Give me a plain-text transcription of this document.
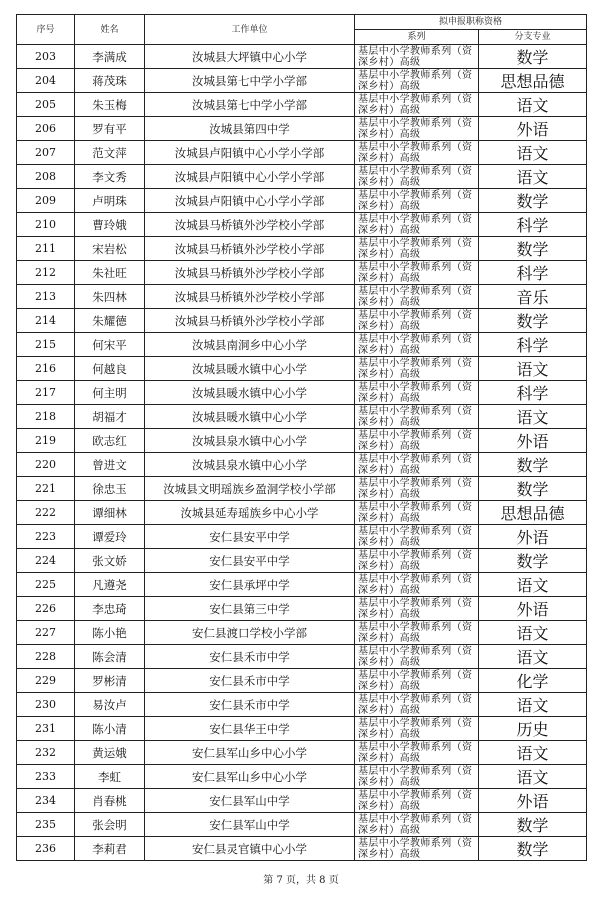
序号	姓名	工作单位	拟申报职称资格	
			系列	分支专业
203	李满成	汝城县大坪镇中心小学	基层中小学教师系列（资深乡村）高级	数学
204	蒋茂珠	汝城县第七中学小学部	基层中小学教师系列（资深乡村）高级	思想品德
205	朱玉梅	汝城县第七中学小学部	基层中小学教师系列（资深乡村）高级	语文
206	罗有平	汝城县第四中学	基层中小学教师系列（资深乡村）高级	外语
207	范文萍	汝城县卢阳镇中心小学小学部	基层中小学教师系列（资深乡村）高级	语文
208	李文秀	汝城县卢阳镇中心小学小学部	基层中小学教师系列（资深乡村）高级	语文
209	卢明珠	汝城县卢阳镇中心小学小学部	基层中小学教师系列（资深乡村）高级	数学
210	曹玲娥	汝城县马桥镇外沙学校小学部	基层中小学教师系列（资深乡村）高级	科学
211	宋岩松	汝城县马桥镇外沙学校小学部	基层中小学教师系列（资深乡村）高级	数学
212	朱社旺	汝城县马桥镇外沙学校小学部	基层中小学教师系列（资深乡村）高级	科学
213	朱四林	汝城县马桥镇外沙学校小学部	基层中小学教师系列（资深乡村）高级	音乐
214	朱耀德	汝城县马桥镇外沙学校小学部	基层中小学教师系列（资深乡村）高级	数学
215	何宋平	汝城县南洞乡中心小学	基层中小学教师系列（资深乡村）高级	科学
216	何越良	汝城县暖水镇中心小学	基层中小学教师系列（资深乡村）高级	语文
217	何主明	汝城县暖水镇中心小学	基层中小学教师系列（资深乡村）高级	科学
218	胡福才	汝城县暖水镇中心小学	基层中小学教师系列（资深乡村）高级	语文
219	欧志红	汝城县泉水镇中心小学	基层中小学教师系列（资深乡村）高级	外语
220	曾进文	汝城县泉水镇中心小学	基层中小学教师系列（资深乡村）高级	数学
221	徐忠玉	汝城县文明瑶族乡盈洞学校小学部	基层中小学教师系列（资深乡村）高级	数学
222	谭细林	汝城县延寿瑶族乡中心小学	基层中小学教师系列（资深乡村）高级	思想品德
223	谭爱玲	安仁县安平中学	基层中小学教师系列（资深乡村）高级	外语
224	张文娇	安仁县安平中学	基层中小学教师系列（资深乡村）高级	数学
225	凡遵尧	安仁县承坪中学	基层中小学教师系列（资深乡村）高级	语文
226	李忠琦	安仁县第三中学	基层中小学教师系列（资深乡村）高级	外语
227	陈小艳	安仁县渡口学校小学部	基层中小学教师系列（资深乡村）高级	语文
228	陈会清	安仁县禾市中学	基层中小学教师系列（资深乡村）高级	语文
229	罗彬清	安仁县禾市中学	基层中小学教师系列（资深乡村）高级	化学
230	易汝卢	安仁县禾市中学	基层中小学教师系列（资深乡村）高级	语文
231	陈小清	安仁县华王中学	基层中小学教师系列（资深乡村）高级	历史
232	黄运娥	安仁县军山乡中心小学	基层中小学教师系列（资深乡村）高级	语文
233	李虹	安仁县军山乡中心小学	基层中小学教师系列（资深乡村）高级	语文
234	肖春桃	安仁县军山中学	基层中小学教师系列（资深乡村）高级	外语
235	张会明	安仁县军山中学	基层中小学教师系列（资深乡村）高级	数学
236	李莉君	安仁县灵官镇中心小学	基层中小学教师系列（资深乡村）高级	数学
第 7 页，共 8 页
